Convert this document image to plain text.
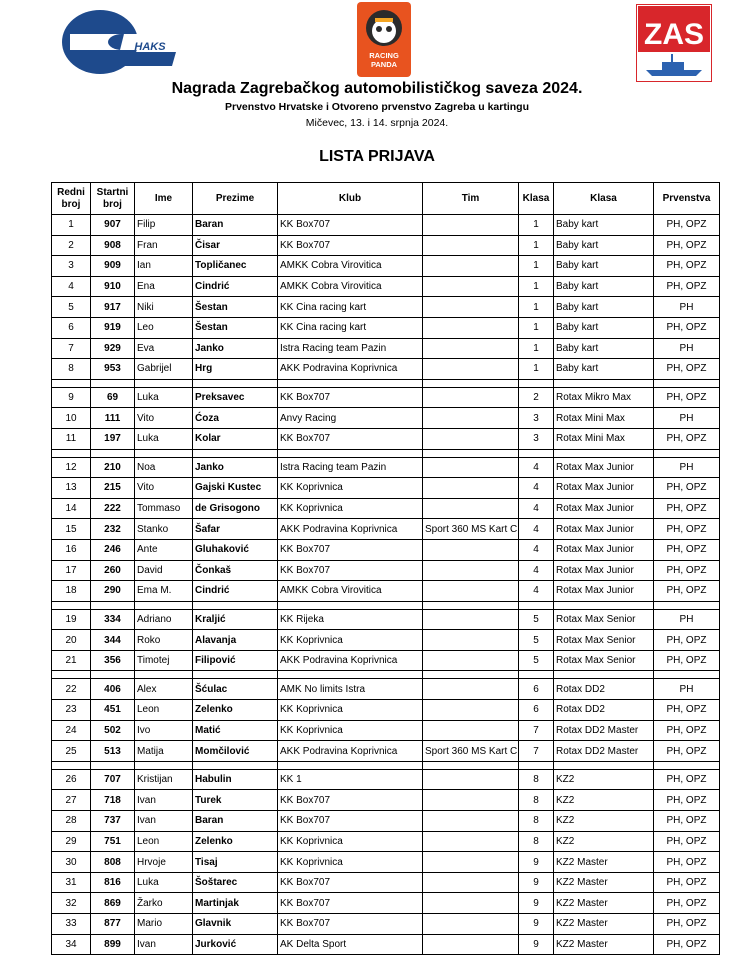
HAKS
RACING
PANDA
ZAS
Nagrada Zagrebačkog automobilističkog saveza 2024.
Prvenstvo Hrvatske i Otvoreno prvenstvo Zagreba u kartingu
Mičevec, 13. i 14. srpnja 2024.
LISTA PRIJAVA
Redni
broj	Startni
broj	Ime	Prezime	Klub	Tim	Klasa	Klasa	Prvenstva
1	907	Filip	Baran	KK Box707		1	Baby kart	PH, OPZ
2	908	Fran	Čisar	KK Box707		1	Baby kart	PH, OPZ
3	909	Ian	Topličanec	AMKK Cobra Virovitica		1	Baby kart	PH, OPZ
4	910	Ena	Cindrić	AMKK Cobra Virovitica		1	Baby kart	PH, OPZ
5	917	Niki	Šestan	KK Cina racing kart		1	Baby kart	PH
6	919	Leo	Šestan	KK Cina racing kart		1	Baby kart	PH, OPZ
7	929	Eva	Janko	Istra Racing team Pazin		1	Baby kart	PH
8	953	Gabrijel	Hrg	AKK Podravina Koprivnica		1	Baby kart	PH, OPZ

9	69	Luka	Preksavec	KK Box707		2	Rotax Mikro Max	PH, OPZ
10	111	Vito	Ćoza	Anvy Racing		3	Rotax Mini Max	PH
11	197	Luka	Kolar	KK Box707		3	Rotax Mini Max	PH, OPZ

12	210	Noa	Janko	Istra Racing team Pazin		4	Rotax Max Junior	PH
13	215	Vito	Gajski Kustec	KK Koprivnica		4	Rotax Max Junior	PH, OPZ
14	222	Tommaso	de Grisogono	KK Koprivnica		4	Rotax Max Junior	PH, OPZ
15	232	Stanko	Šafar	AKK Podravina Koprivnica	Sport 360 MS Kart C	4	Rotax Max Junior	PH, OPZ
16	246	Ante	Gluhaković	KK Box707		4	Rotax Max Junior	PH, OPZ
17	260	David	Čonkaš	KK Box707		4	Rotax Max Junior	PH, OPZ
18	290	Ema M.	Cindrić	AMKK Cobra Virovitica		4	Rotax Max Junior	PH, OPZ

19	334	Adriano	Kraljić	KK Rijeka		5	Rotax Max Senior	PH
20	344	Roko	Alavanja	KK Koprivnica		5	Rotax Max Senior	PH, OPZ
21	356	Timotej	Filipović	AKK Podravina Koprivnica		5	Rotax Max Senior	PH, OPZ

22	406	Alex	Šćulac	AMK No limits Istra		6	Rotax DD2	PH
23	451	Leon	Zelenko	KK Koprivnica		6	Rotax DD2	PH, OPZ
24	502	Ivo	Matić	KK Koprivnica		7	Rotax DD2 Master	PH, OPZ
25	513	Matija	Momčilović	AKK Podravina Koprivnica	Sport 360 MS Kart C	7	Rotax DD2 Master	PH, OPZ

26	707	Kristijan	Habulin	KK 1		8	KZ2	PH, OPZ
27	718	Ivan	Turek	KK Box707		8	KZ2	PH, OPZ
28	737	Ivan	Baran	KK Box707		8	KZ2	PH, OPZ
29	751	Leon	Zelenko	KK Koprivnica		8	KZ2	PH, OPZ
30	808	Hrvoje	Tisaj	KK Koprivnica		9	KZ2 Master	PH, OPZ
31	816	Luka	Šoštarec	KK Box707		9	KZ2 Master	PH, OPZ
32	869	Žarko	Martinjak	KK Box707		9	KZ2 Master	PH, OPZ
33	877	Mario	Glavnik	KK Box707		9	KZ2 Master	PH, OPZ
34	899	Ivan	Jurković	AK Delta Sport		9	KZ2 Master	PH, OPZ
